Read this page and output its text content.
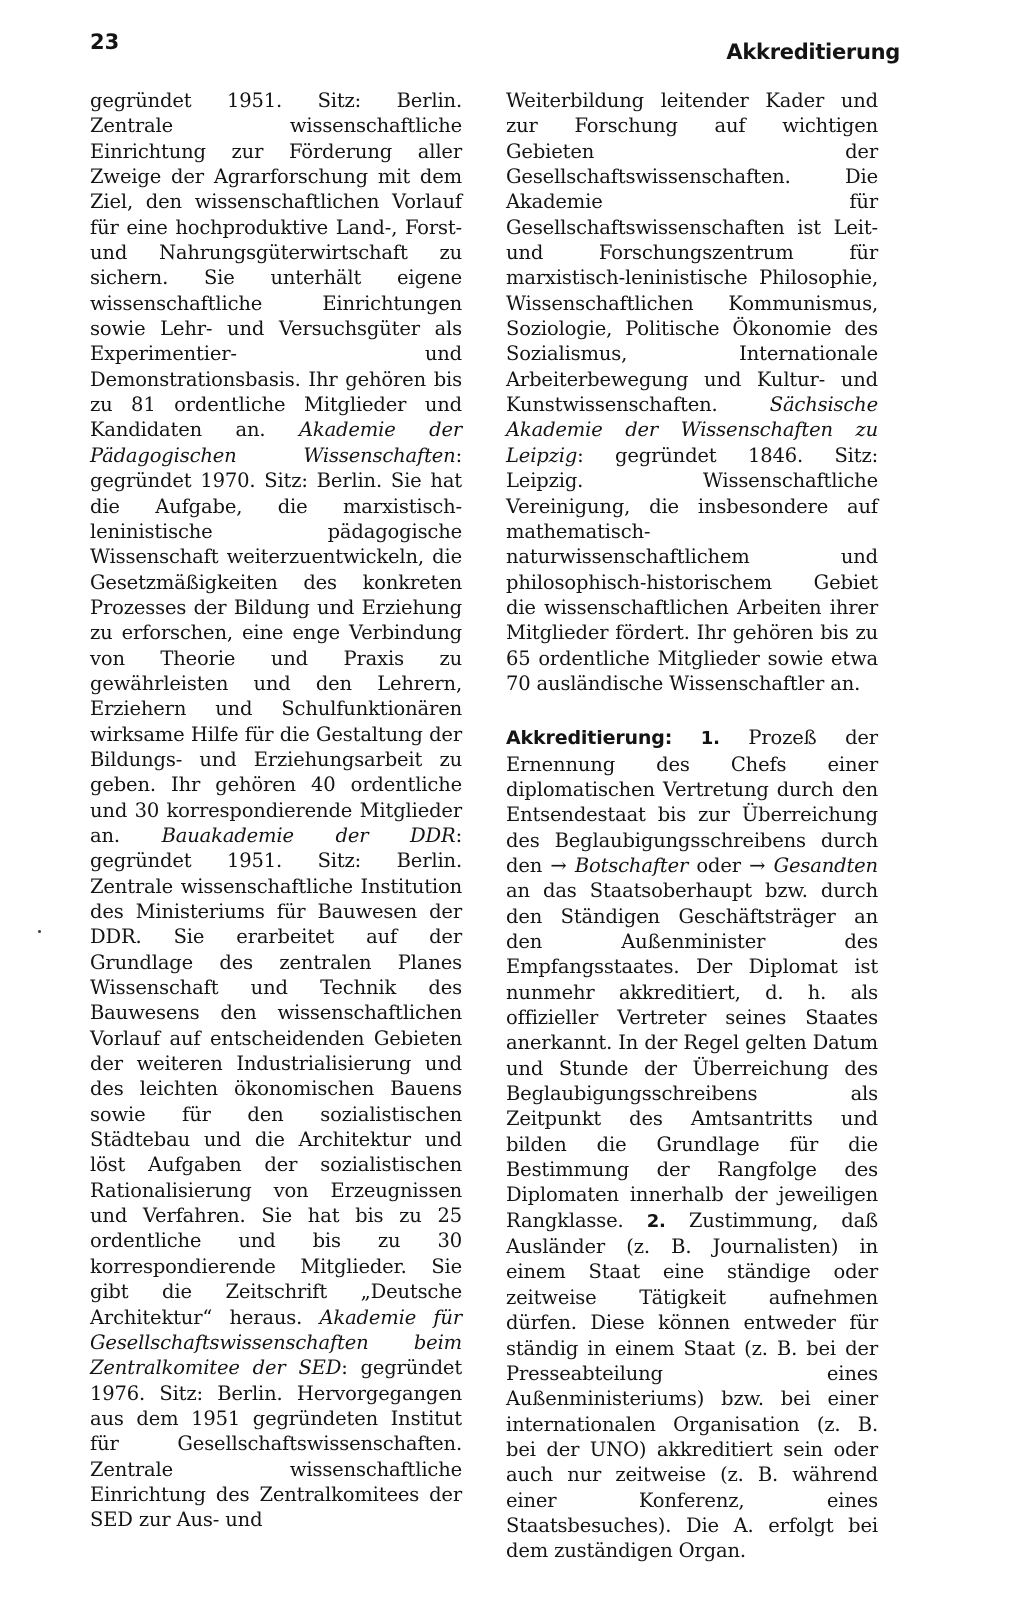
23	Akkreditierung

gegründet 1951. Sitz: Berlin. Zentrale wissenschaftliche Einrichtung zur Förderung aller Zweige der Agrarforschung mit dem Ziel, den wissenschaftlichen Vorlauf für eine hochproduktive Land-, Forst- und Nahrungsgüterwirtschaft zu sichern. Sie unterhält eigene wissenschaftliche Einrichtungen sowie Lehr- und Versuchsgüter als Experimentier- und Demonstrationsbasis. Ihr gehören bis zu 81 ordentliche Mitglieder und Kandidaten an. Akademie der Pädagogischen Wissenschaften: gegründet 1970. Sitz: Berlin. Sie hat die Aufgabe, die marxistisch-leninistische pädagogische Wissenschaft weiterzuentwickeln, die Gesetzmäßigkeiten des konkreten Prozesses der Bildung und Erziehung zu erforschen, eine enge Verbindung von Theorie und Praxis zu gewährleisten und den Lehrern, Erziehern und Schulfunktionären wirksame Hilfe für die Gestaltung der Bildungs- und Erziehungsarbeit zu geben. Ihr gehören 40 ordentliche und 30 korrespondierende Mitglieder an. Bauakademie der DDR: gegründet 1951. Sitz: Berlin. Zentrale wissenschaftliche Institution des Ministeriums für Bauwesen der DDR. Sie erarbeitet auf der Grundlage des zentralen Planes Wissenschaft und Technik des Bauwesens den wissenschaftlichen Vorlauf auf entscheidenden Gebieten der weiteren Industrialisierung und des leichten ökonomischen Bauens sowie für den sozialistischen Städtebau und die Architektur und löst Aufgaben der sozialistischen Rationalisierung von Erzeugnissen und Verfahren. Sie hat bis zu 25 ordentliche und bis zu 30 korrespondierende Mitglieder. Sie gibt die Zeitschrift „Deutsche Architektur“ heraus. Akademie für Gesellschaftswissenschaften beim Zentralkomitee der SED: gegründet 1976. Sitz: Berlin. Hervorgegangen aus dem 1951 gegründeten Institut für Gesellschaftswissenschaften. Zentrale wissenschaftliche Einrichtung des Zentralkomitees der SED zur Aus- und

Weiterbildung leitender Kader und zur Forschung auf wichtigen Gebieten der Gesellschaftswissenschaften. Die Akademie für Gesellschaftswissenschaften ist Leit- und Forschungszentrum für marxistisch-leninistische Philosophie, Wissenschaftlichen Kommunismus, Soziologie, Politische Ökonomie des Sozialismus, Internationale Arbeiterbewegung und Kultur- und Kunstwissenschaften.	Sächsische Akademie der Wissenschaften zu Leipzig: gegründet 1846. Sitz: Leipzig. Wissenschaftliche Vereinigung, die insbesondere auf mathematisch-naturwissenschaftlichem und philosophisch-historischem Gebiet die wissenschaftlichen Arbeiten ihrer Mitglieder fördert. Ihr gehören bis zu 65 ordentliche Mitglieder sowie etwa 70 ausländische Wissenschaftler an.

Akkreditierung: 1. Prozeß der Ernennung des Chefs einer diplomatischen Vertretung durch den Entsendestaat bis zur Überreichung des Beglaubigungsschreibens durch den → Botschafter oder → Gesandten an das Staatsoberhaupt bzw. durch den Ständigen Geschäftsträger an den Außenminister des Empfangsstaates. Der Diplomat ist nunmehr akkreditiert, d. h. als offizieller Vertreter seines Staates anerkannt. In der Regel gelten Datum und Stunde der Überreichung des Beglaubigungsschreibens als Zeitpunkt des Amtsantritts und bilden die Grundlage für die Bestimmung der Rangfolge des Diplomaten innerhalb der jeweiligen Rangklasse. 2. Zustimmung, daß Ausländer (z. B. Journalisten) in einem Staat eine ständige oder zeitweise Tätigkeit aufnehmen dürfen. Diese können entweder für ständig in einem Staat (z. B. bei der Presseabteilung eines Außenministeriums) bzw. bei einer internationalen Organisation (z. B. bei der UNO) akkreditiert sein oder auch nur zeitweise (z. B. während einer Konferenz, eines Staatsbesuches). Die A. erfolgt bei dem zuständigen Organ.
